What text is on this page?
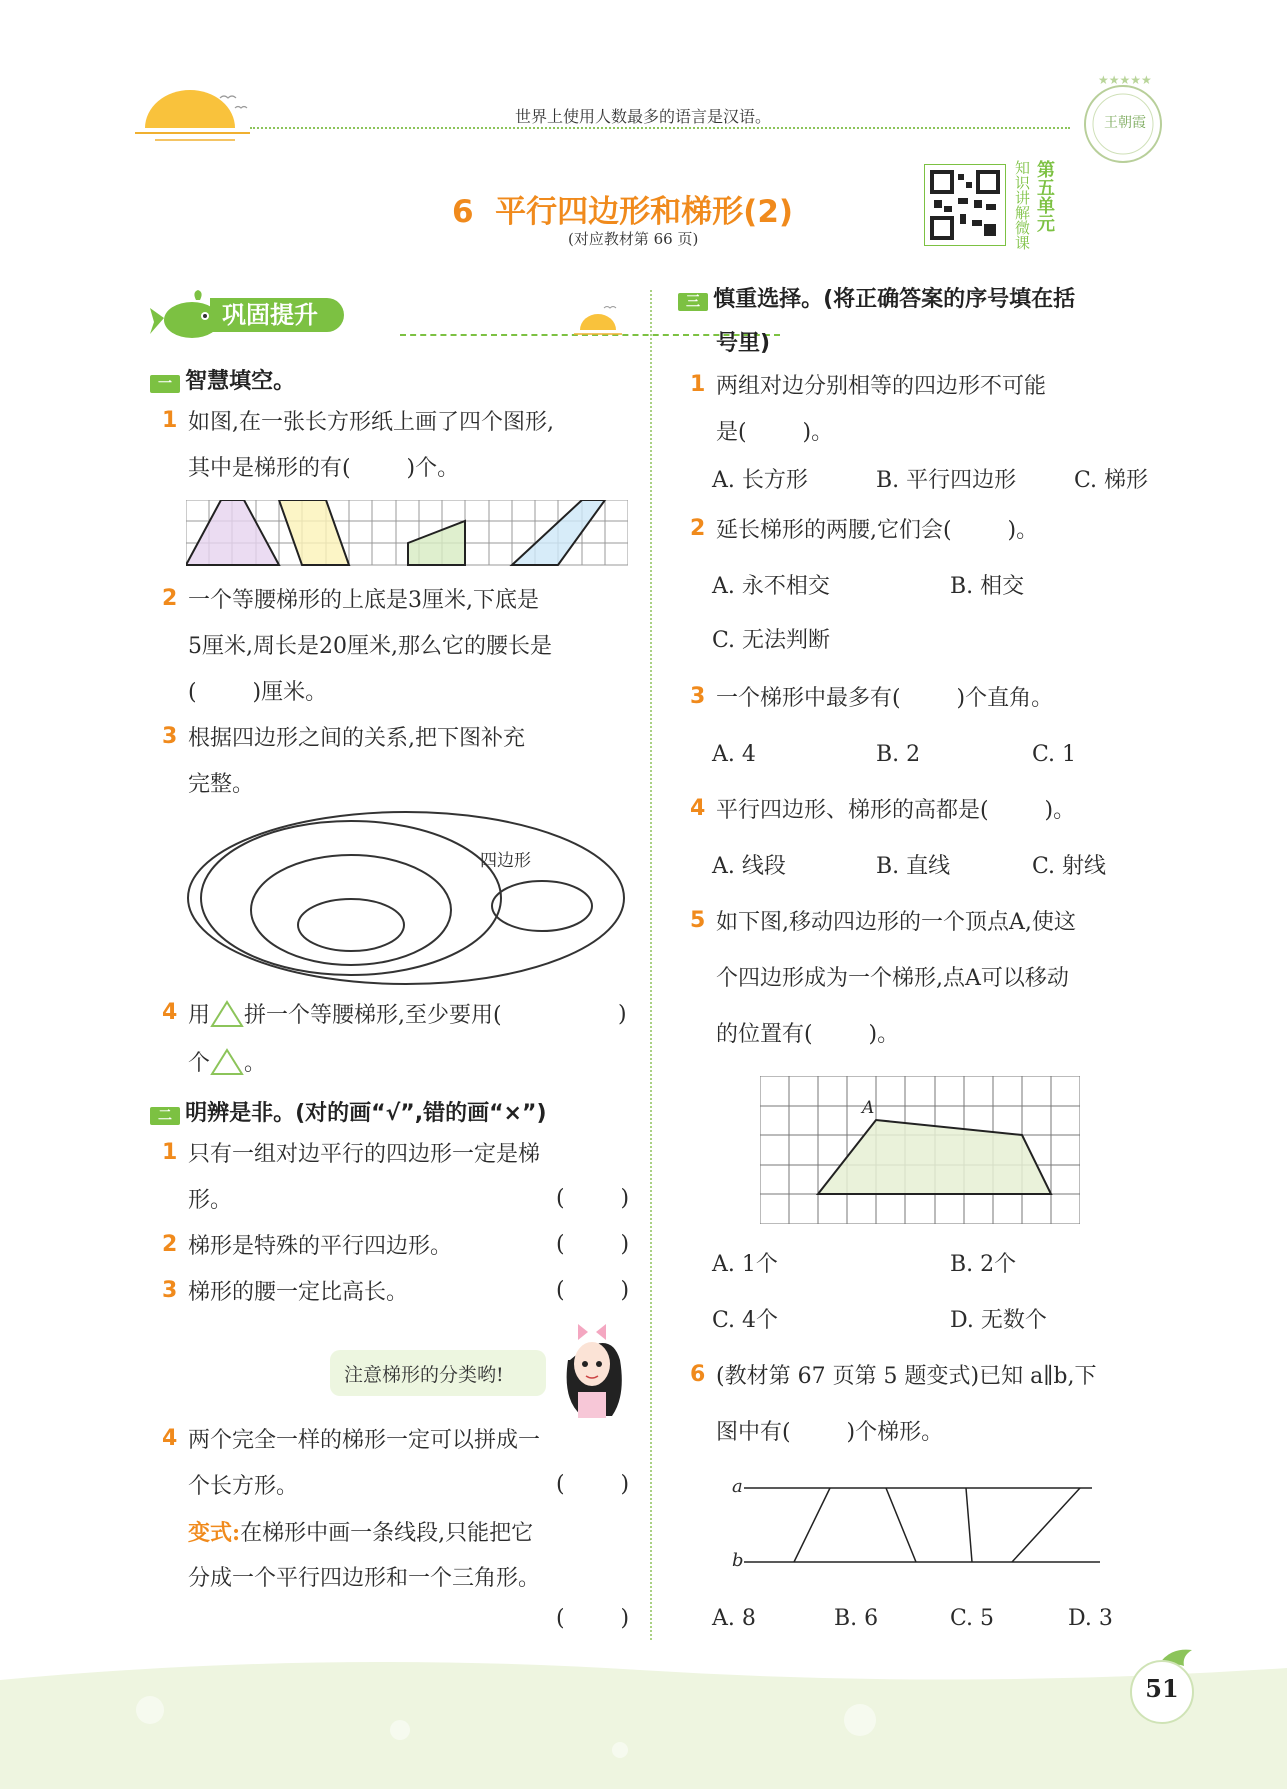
世界上使用人数最多的语言是汉语。
★★★★★
王朝霞
6  平行四边形和梯形(2)
(对应教材第 66 页)	知识讲解微课 第五单元
巩固提升
一 智慧填空。
1 如图,在一张长方形纸上画了四个图形,
其中是梯形的有(        )个。
2 一个等腰梯形的上底是3厘米,下底是
5厘米,周长是20厘米,那么它的腰长是
(        )厘米。
3 根据四边形之间的关系,把下图补充
完整。
四边形
4 用 拼一个等腰梯形,至少要用(	)
个 。
二 明辨是非。(对的画“√”,错的画“×”)
1 只有一组对边平行的四边形一定是梯
形。	(        )
2 梯形是特殊的平行四边形。	(        )
3 梯形的腰一定比高长。	(        )
注意梯形的分类哟!
4 两个完全一样的梯形一定可以拼成一
个长方形。	(        )
变式:在梯形中画一条线段,只能把它
分成一个平行四边形和一个三角形。
(        )
三 慎重选择。(将正确答案的序号填在括
号里)
1 两组对边分别相等的四边形不可能
是(        )。
A. 长方形	B. 平行四边形	C. 梯形
2 延长梯形的两腰,它们会(        )。
A. 永不相交	B. 相交
C. 无法判断
3 一个梯形中最多有(        )个直角。
A. 4	B. 2	C. 1
4 平行四边形、梯形的高都是(        )。
A. 线段	B. 直线	C. 射线
5 如下图,移动四边形的一个顶点A,使这
个四边形成为一个梯形,点A可以移动
的位置有(        )。
A
A. 1个	B. 2个
C. 4个	D. 无数个
6 (教材第 67 页第 5 题变式)已知 a∥b,下
图中有(        )个梯形。
a
b
A. 8	B. 6	C. 5	D. 3
51
